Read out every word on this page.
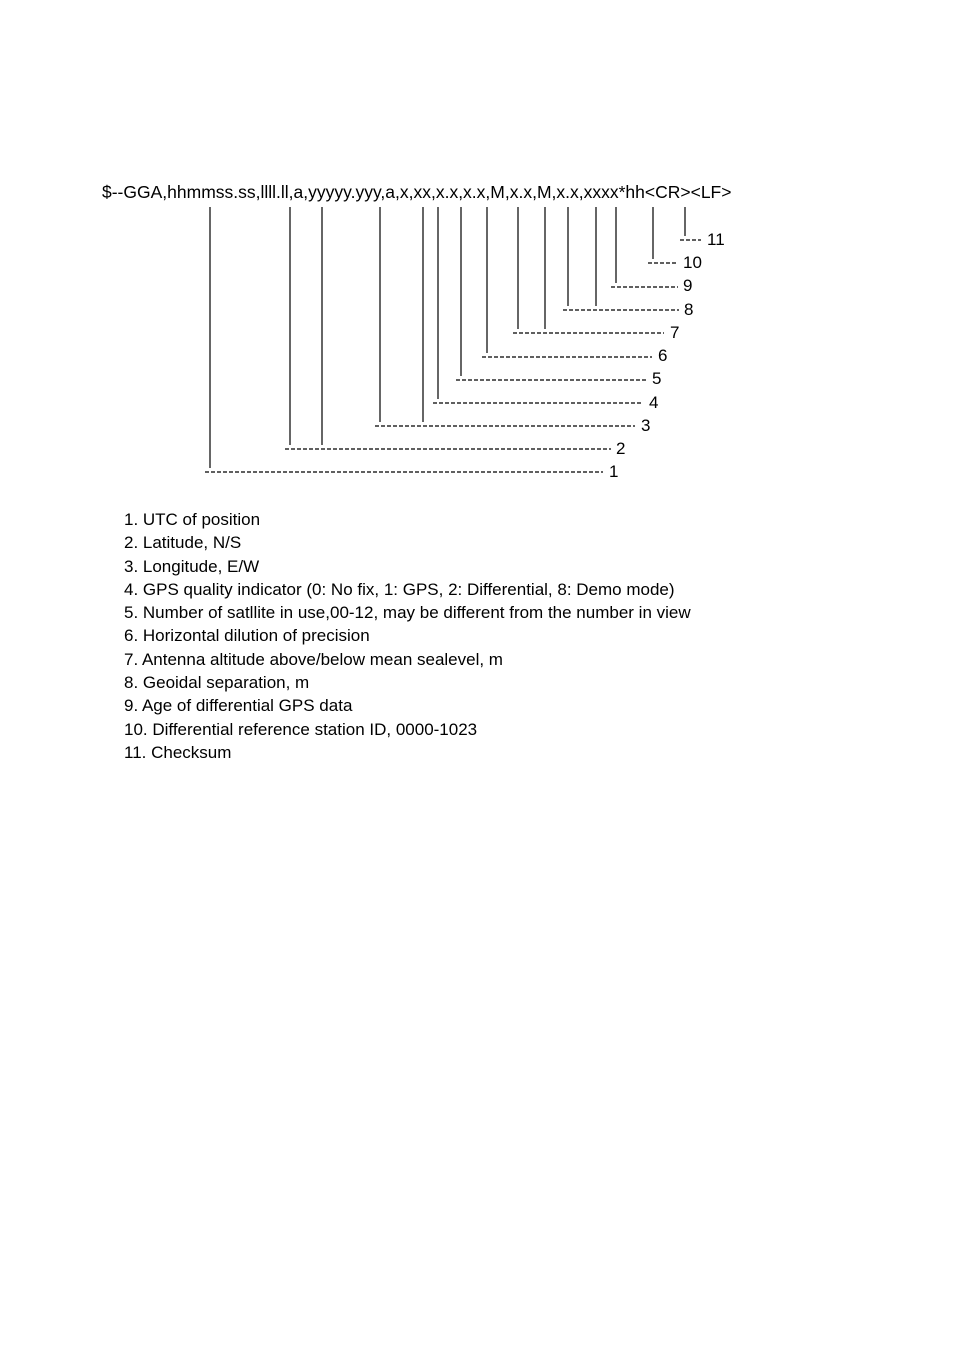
$--GGA,hhmmss.ss,llll.ll,a,yyyyy.yyy,a,x,xx,x.x,x.x,M,x.x,M,x.x,xxxx*hh<CR><LF>
11
10
9
8
7
6
5
4
3
2
1
1. UTC of position
2. Latitude, N/S
3. Longitude, E/W
4. GPS quality indicator (0: No fix, 1: GPS, 2: Differential, 8: Demo mode)
5. Number of satllite in use,00-12, may be different from the number in view
6. Horizontal dilution of precision
7. Antenna altitude above/below mean sealevel, m
8. Geoidal separation, m
9. Age of differential GPS data
10. Differential reference station ID, 0000-1023
11. Checksum
